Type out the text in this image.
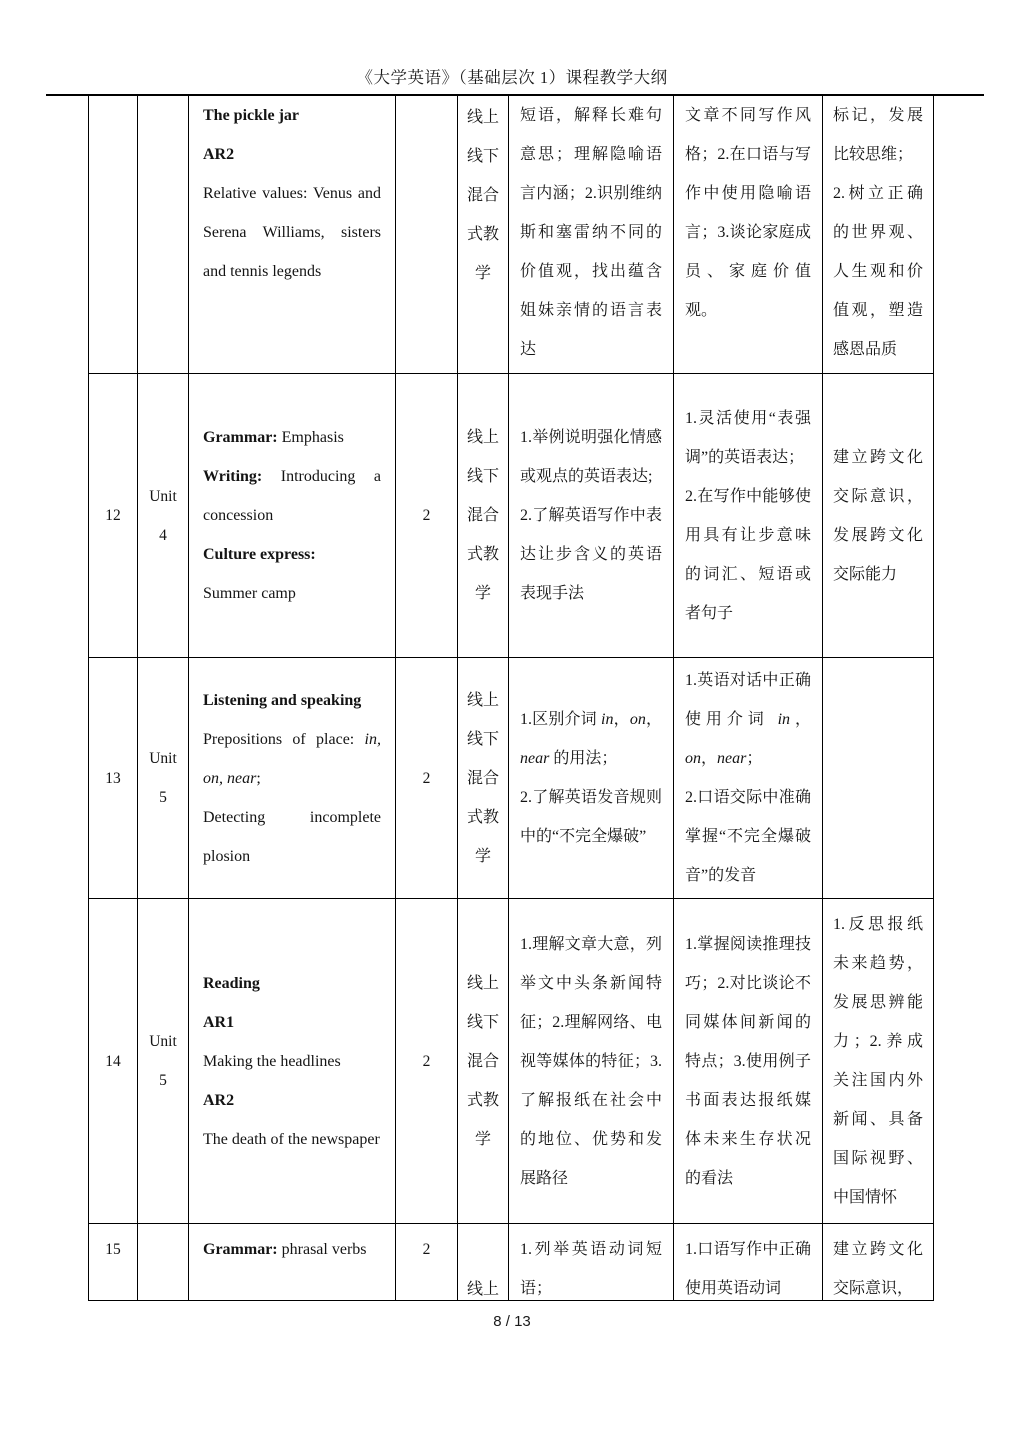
《大学英语》（基础层次 1）课程教学大纲

The pickle jar

AR2

Relative values: Venus and Serena Williams, sisters and tennis legends

线上线下混合式教学

短语，解释长难句意思；理解隐喻语言内涵；2.识别维纳斯和塞雷纳不同的价值观，找出蕴含姐妹亲情的语言表达

文章不同写作风格；2.在口语与写作中使用隐喻语言；3.谈论家庭成员、家庭价值观。

标记，发展比较思维；

2.树立正确的世界观、人生观和价值观，塑造感恩品质

12

Unit 4

Grammar: Emphasis

Writing: Introducing a concession

Culture express:

Summer camp

2

线上线下混合式教学

1.举例说明强化情感或观点的英语表达;

2.了解英语写作中表达让步含义的英语表现手法

1.灵活使用“表强调”的英语表达；

2.在写作中能够使用具有让步意味的词汇、短语或者句子

建立跨文化交际意识，发展跨文化交际能力

13

Unit 5

Listening and speaking

Prepositions of place: in, on, near;

Detecting incomplete plosion

2

线上线下混合式教学

1.区别介词 in，on，near 的用法；

2.了解英语发音规则中的“不完全爆破”

1.英语对话中正确使用介词 in，on，near；

2.口语交际中准确掌握“不完全爆破音”的发音

14

Unit 5

Reading

AR1

Making the headlines

AR2

The death of the newspaper

2

线上线下混合式教学

1.理解文章大意，列举文中头条新闻特征；2.理解网络、电视等媒体的特征；3.了解报纸在社会中的地位、优势和发展路径

1.掌握阅读推理技巧；2.对比谈论不同媒体间新闻的特点；3.使用例子书面表达报纸媒体未来生存状况的看法

1.反思报纸未来趋势，发展思辨能力；2.养成关注国内外新闻、具备国际视野、中国情怀

15	Grammar: phrasal verbs	2

线上

1.列举英语动词短语；

1.口语写作中正确使用英语动词

建立跨文化交际意识，

8 / 13
